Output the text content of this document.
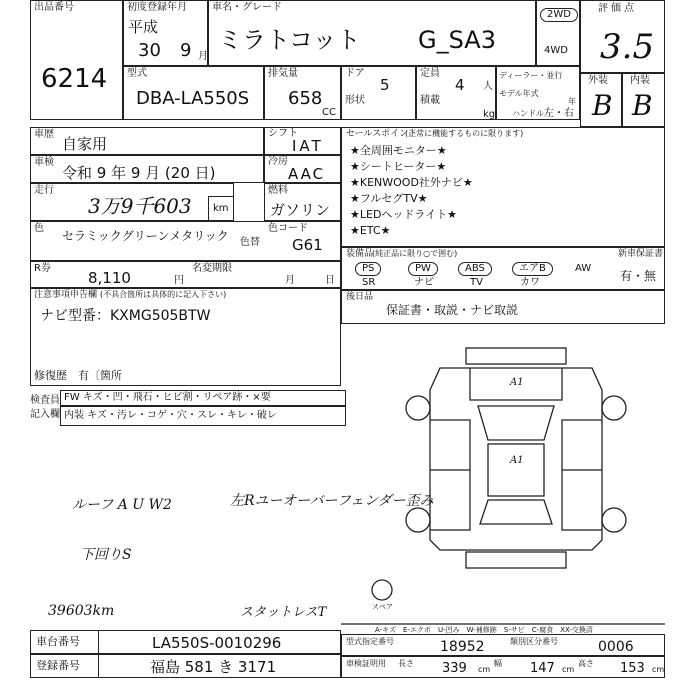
出品番号
6214
初度登録年月
平成
30 9 月
車名・グレード
ミラトコット G_SA3
2WD
4WD
評価点
3.5
型式
DBA-LA550S
排気量
658
CC
ドア
5
形状
定員
4 人
積載
kg
ディーラー・並行
モデル年式
年
ハンドル 左・右
外装
B
内装
B
車歴
自家用
シフト
IAT
セールスポイント
(正常に機能するものに限ります)
★全周囲モニター★
★シートヒーター★
★KENWOOD社外ナビ★
★フルセグTV★
★LEDヘッドライト★
★ETC★
車検
令和 9 年 9 月 (20 日)
冷房
AAC
走行
3万9千603 km
燃料
ガソリン
色
セラミックグリーンメタリック	色替
色コード
G61	装備品
(純正品に限り○で囲む)	新車保証書
PS	PW	ABS	エアB	AW
SR	ナビ	TV	カワ	有・無
R券
8,110	円
名変期限
月	日
注意事項申告欄 (不具合箇所は具体的に記入下さい)
ナビ型番：KXMG505BTW
修復歴 有〔箇所
後日品
保証書・取説・ナビ取説
検査員
記入欄
FW キズ・凹・飛石・ヒビ割・リペア跡・×要
内装 キズ・汚レ・コゲ・穴・スレ・キレ・破レ
ルーフ A U W2	左Rユーオーバーフェンダー歪み
下回りS
39603km	スタットレスT
A1
A1
スペア
A-キズ　E-エクボ　U-凹み　W-補修跡　S-サビ　C-腐食　XX-交換済
車台番号	LA550S-0010296
登録番号	福島 581 き 3171
型式指定番号	18952	類別区分番号	0006
車検証明用 長さ 339 cm
幅 147 cm
高さ 153 cm
